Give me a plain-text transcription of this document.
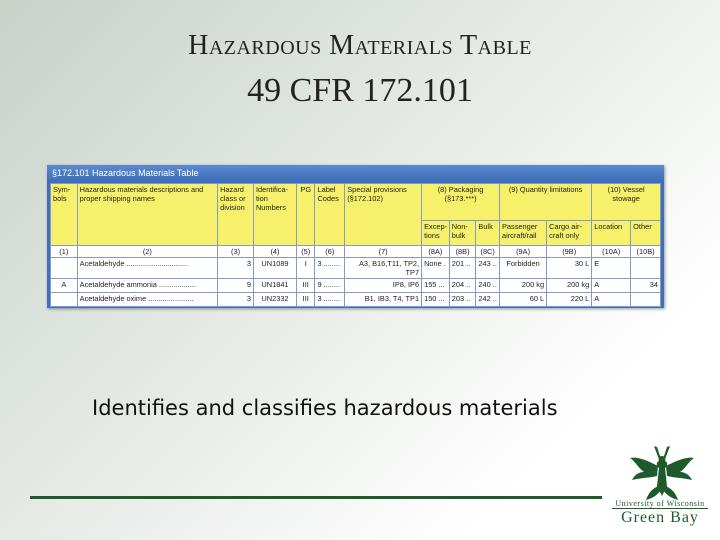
Hazardous Materials Table
49 CFR 172.101
§172.101 Hazardous Materials Table
Sym-bols	Hazardous materials descriptions and proper shipping names	Hazard class or division	Identifica-tion Numbers	PG	Label Codes	Special provisions (§172.102)	(8) Packaging (§173.***)			(9) Quantity limitations		(10) Vessel stowage	
							Excep-tions	Non-bulk	Bulk	Passenger aircraft/rail	Cargo air-craft only	Location	Other
(1)	(2)	(3)	(4)	(5)	(6)	(7)	(8A)	(8B)	(8C)	(9A)	(9B)	(10A)	(10B)
	Acetaldehyde ..............................	3	UN1089	I	3 ........	A3, B16,T11, TP2, TP7	None .	201 ..	243 ..	Forbidden	30 L	E	
A	Acetaldehyde ammonia ..................	9	UN1841	III	9 ........	IP8, IP6	155 ...	204 ..	240 ..	200 kg	200 kg	A	34
	Acetaldehyde oxime ......................	3	UN2332	III	3 ........	B1, IB3, T4, TP1	150 ...	203 ..	242 ..	60 L	220 L	A	
Identifies and classifies hazardous materials
University of Wisconsin
Green Bay
